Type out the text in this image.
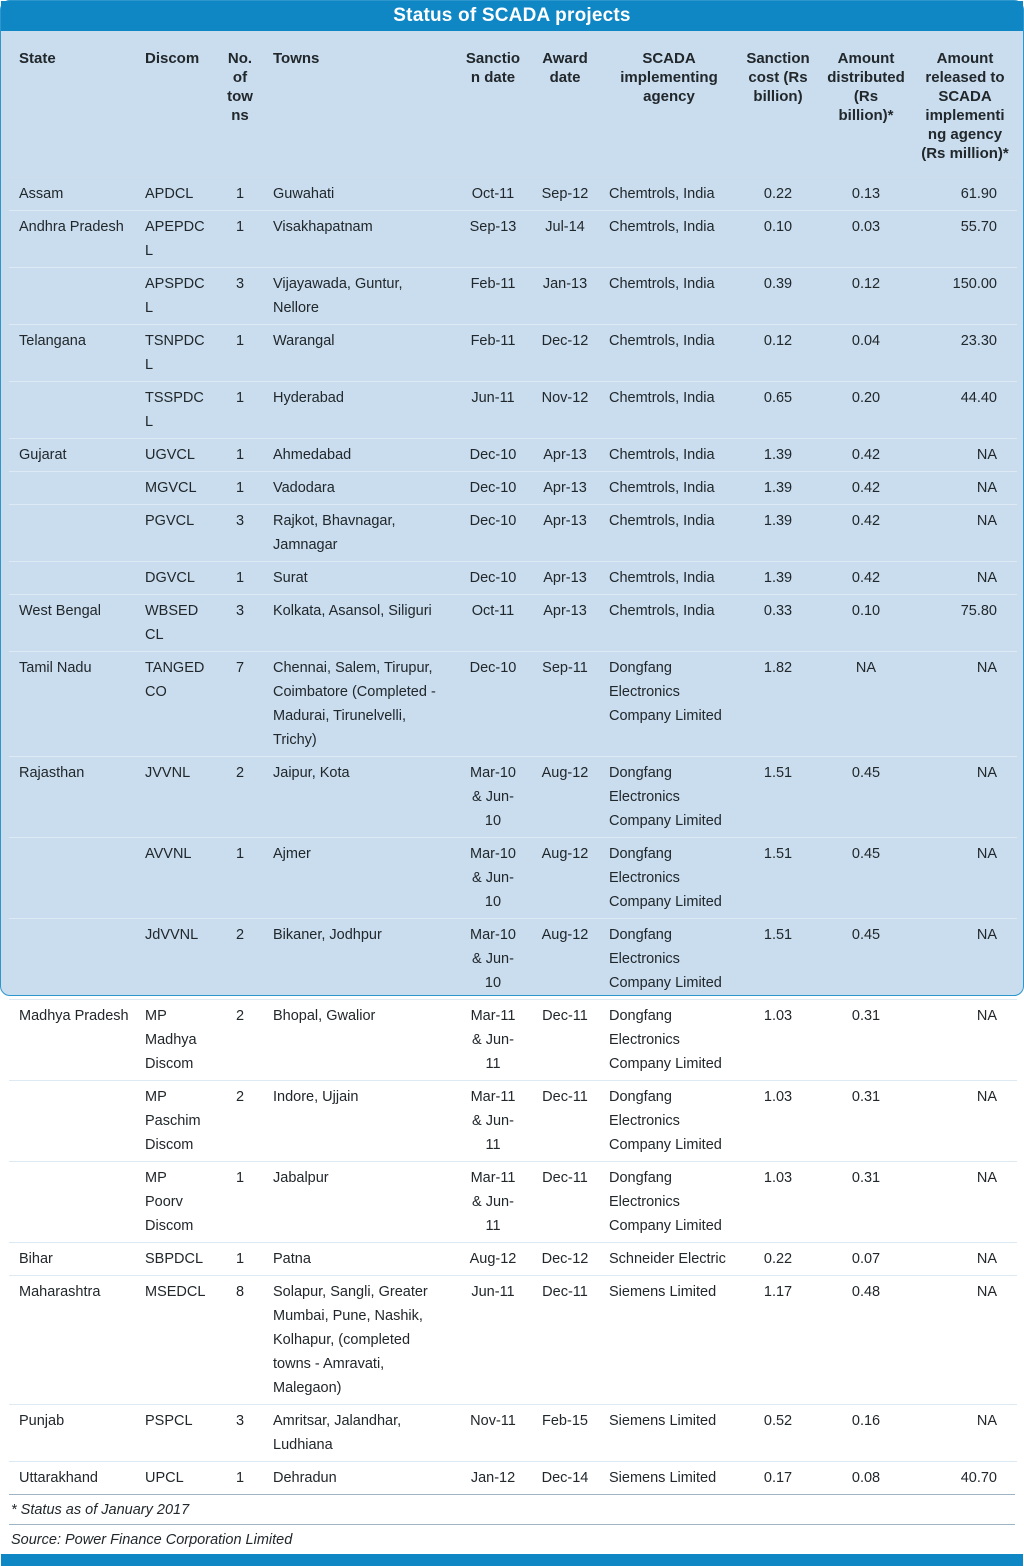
Status of SCADA projects
State	Discom	No. of towns	Towns	Sanction date	Award date	SCADA implementing agency	Sanction cost (Rs billion)	Amount distributed (Rs billion)*	Amount released to SCADA implementing agency (Rs million)*
Assam	APDCL	1	Guwahati	Oct-11	Sep-12	Chemtrols, India	0.22	0.13	61.90
Andhra Pradesh	APEPDCL	1	Visakhapatnam	Sep-13	Jul-14	Chemtrols, India	0.10	0.03	55.70
	APSPDCL	3	Vijayawada, Guntur, Nellore	Feb-11	Jan-13	Chemtrols, India	0.39	0.12	150.00
Telangana	TSNPDCL	1	Warangal	Feb-11	Dec-12	Chemtrols, India	0.12	0.04	23.30
	TSSPDCL	1	Hyderabad	Jun-11	Nov-12	Chemtrols, India	0.65	0.20	44.40
Gujarat	UGVCL	1	Ahmedabad	Dec-10	Apr-13	Chemtrols, India	1.39	0.42	NA
	MGVCL	1	Vadodara	Dec-10	Apr-13	Chemtrols, India	1.39	0.42	NA
	PGVCL	3	Rajkot, Bhavnagar, Jamnagar	Dec-10	Apr-13	Chemtrols, India	1.39	0.42	NA
	DGVCL	1	Surat	Dec-10	Apr-13	Chemtrols, India	1.39	0.42	NA
West Bengal	WBSEDCL	3	Kolkata, Asansol, Siliguri	Oct-11	Apr-13	Chemtrols, India	0.33	0.10	75.80
Tamil Nadu	TANGEDCO	7	Chennai, Salem, Tirupur, Coimbatore (Completed - Madurai, Tirunelvelli, Trichy)	Dec-10	Sep-11	Dongfang Electronics Company Limited	1.82	NA	NA
Rajasthan	JVVNL	2	Jaipur, Kota	Mar-10 & Jun-10	Aug-12	Dongfang Electronics Company Limited	1.51	0.45	NA
	AVVNL	1	Ajmer	Mar-10 & Jun-10	Aug-12	Dongfang Electronics Company Limited	1.51	0.45	NA
	JdVVNL	2	Bikaner, Jodhpur	Mar-10 & Jun-10	Aug-12	Dongfang Electronics Company Limited	1.51	0.45	NA
Madhya Pradesh	MP Madhya Discom	2	Bhopal, Gwalior	Mar-11 & Jun-11	Dec-11	Dongfang Electronics Company Limited	1.03	0.31	NA
	MP Paschim Discom	2	Indore, Ujjain	Mar-11 & Jun-11	Dec-11	Dongfang Electronics Company Limited	1.03	0.31	NA
	MP Poorv Discom	1	Jabalpur	Mar-11 & Jun-11	Dec-11	Dongfang Electronics Company Limited	1.03	0.31	NA
Bihar	SBPDCL	1	Patna	Aug-12	Dec-12	Schneider Electric	0.22	0.07	NA
Maharashtra	MSEDCL	8	Solapur, Sangli, Greater Mumbai, Pune, Nashik, Kolhapur, (completed towns - Amravati, Malegaon)	Jun-11	Dec-11	Siemens Limited	1.17	0.48	NA
Punjab	PSPCL	3	Amritsar, Jalandhar, Ludhiana	Nov-11	Feb-15	Siemens Limited	0.52	0.16	NA
Uttarakhand	UPCL	1	Dehradun	Jan-12	Dec-14	Siemens Limited	0.17	0.08	40.70
* Status as of January 2017
Source: Power Finance Corporation Limited
